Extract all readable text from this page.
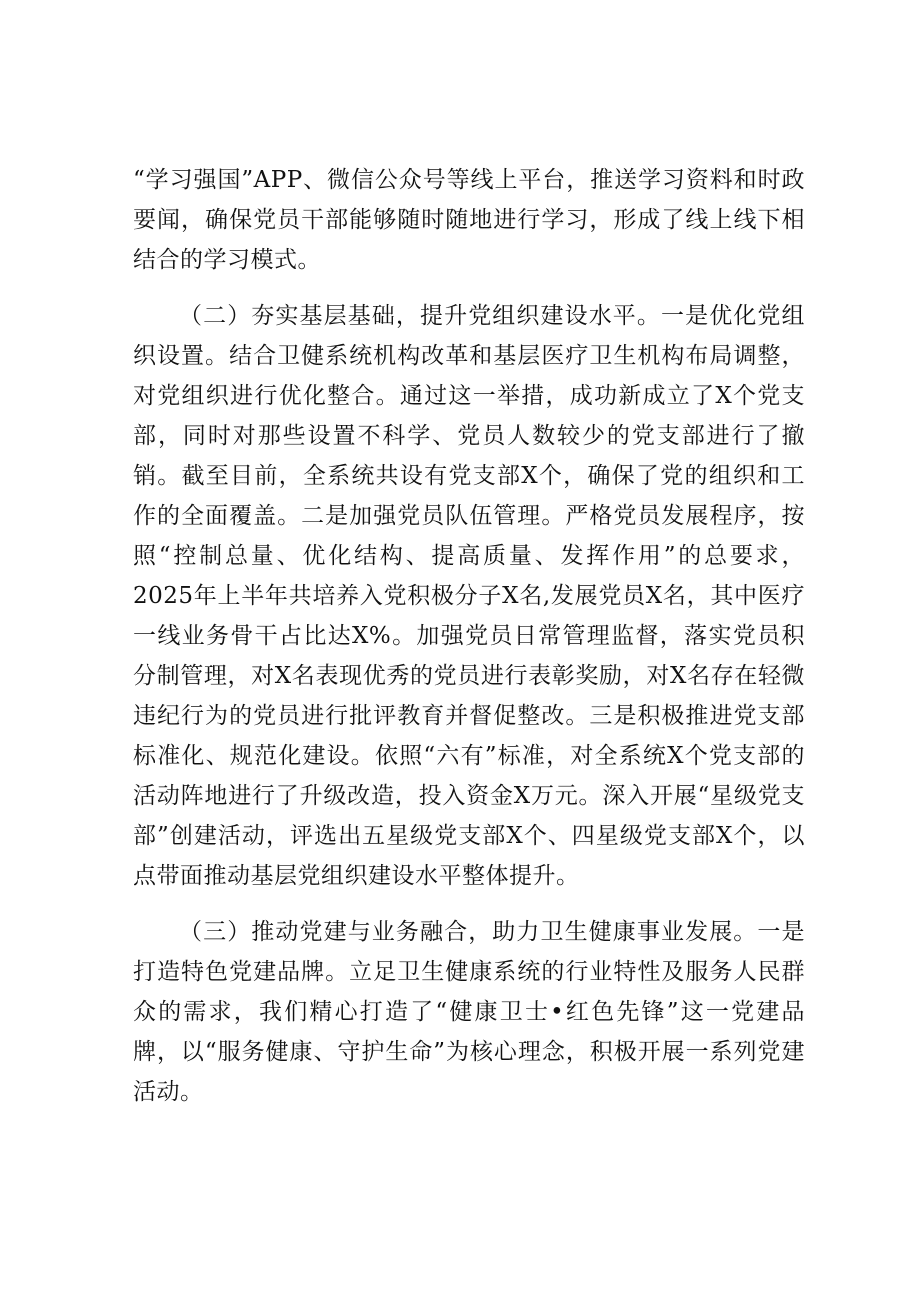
“学习强国”APP、微信公众号等线上平台，推送学习资料和时政要闻，确保党员干部能够随时随地进行学习，形成了线上线下相结合的学习模式。

（二）夯实基层基础，提升党组织建设水平。一是优化党组织设置。结合卫健系统机构改革和基层医疗卫生机构布局调整，对党组织进行优化整合。通过这一举措，成功新成立了X个党支部，同时对那些设置不科学、党员人数较少的党支部进行了撤销。截至目前，全系统共设有党支部X个，确保了党的组织和工作的全面覆盖。二是加强党员队伍管理。严格党员发展程序，按照“控制总量、优化结构、提高质量、发挥作用”的总要求，2025年上半年共培养入党积极分子X名,发展党员X名，其中医疗一线业务骨干占比达X%。加强党员日常管理监督，落实党员积分制管理，对X名表现优秀的党员进行表彰奖励，对X名存在轻微违纪行为的党员进行批评教育并督促整改。三是积极推进党支部标准化、规范化建设。依照“六有”标准，对全系统X个党支部的活动阵地进行了升级改造，投入资金X万元。深入开展“星级党支部”创建活动，评选出五星级党支部X个、四星级党支部X个，以点带面推动基层党组织建设水平整体提升。

（三）推动党建与业务融合，助力卫生健康事业发展。一是打造特色党建品牌。立足卫生健康系统的行业特性及服务人民群众的需求，我们精心打造了“健康卫士•红色先锋”这一党建品牌，以“服务健康、守护生命”为核心理念，积极开展一系列党建活动。
